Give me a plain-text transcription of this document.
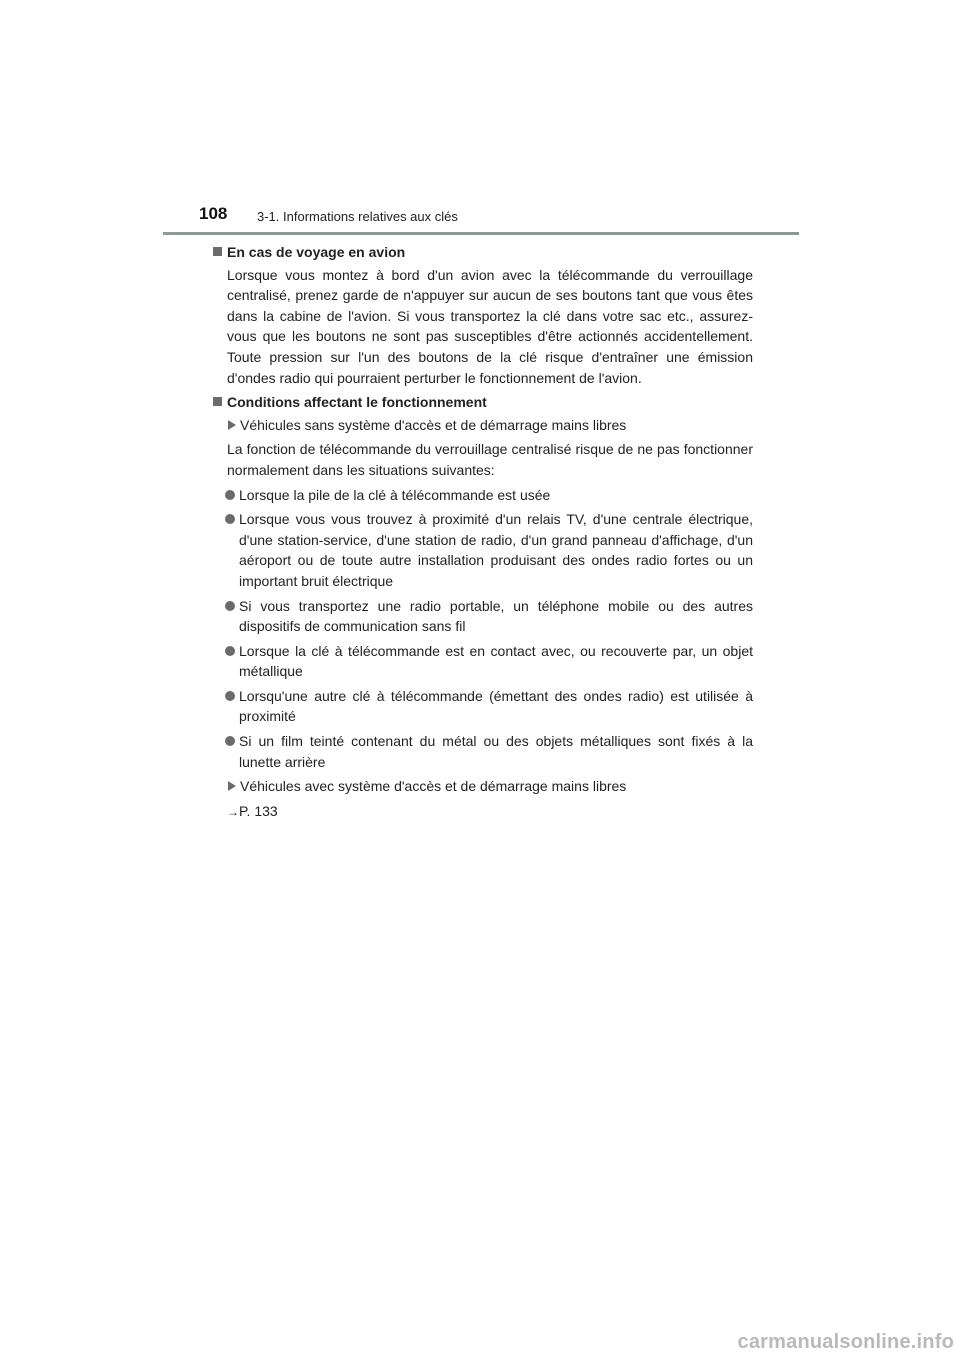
108 3-1. Informations relatives aux clés
En cas de voyage en avion

Lorsque vous montez à bord d'un avion avec la télécommande du verrouillage centralisé, prenez garde de n'appuyer sur aucun de ses boutons tant que vous êtes dans la cabine de l'avion. Si vous transportez la clé dans votre sac etc., assurez-vous que les boutons ne sont pas susceptibles d'être actionnés accidentellement. Toute pression sur l'un des boutons de la clé risque d'entraîner une émission d'ondes radio qui pourraient perturber le fonctionnement de l'avion.

Conditions affectant le fonctionnement
Véhicules sans système d'accès et de démarrage mains libres

La fonction de télécommande du verrouillage centralisé risque de ne pas fonctionner normalement dans les situations suivantes:

Lorsque la pile de la clé à télécommande est usée
Lorsque vous vous trouvez à proximité d'un relais TV, d'une centrale électrique, d'une station-service, d'une station de radio, d'un grand panneau d'affichage, d'un aéroport ou de toute autre installation produisant des ondes radio fortes ou un important bruit électrique
Si vous transportez une radio portable, un téléphone mobile ou des autres dispositifs de communication sans fil
Lorsque la clé à télécommande est en contact avec, ou recouverte par, un objet métallique
Lorsqu'une autre clé à télécommande (émettant des ondes radio) est utilisée à proximité
Si un film teinté contenant du métal ou des objets métalliques sont fixés à la lunette arrière
Véhicules avec système d'accès et de démarrage mains libres
→P. 133
carmanualsonline.info
